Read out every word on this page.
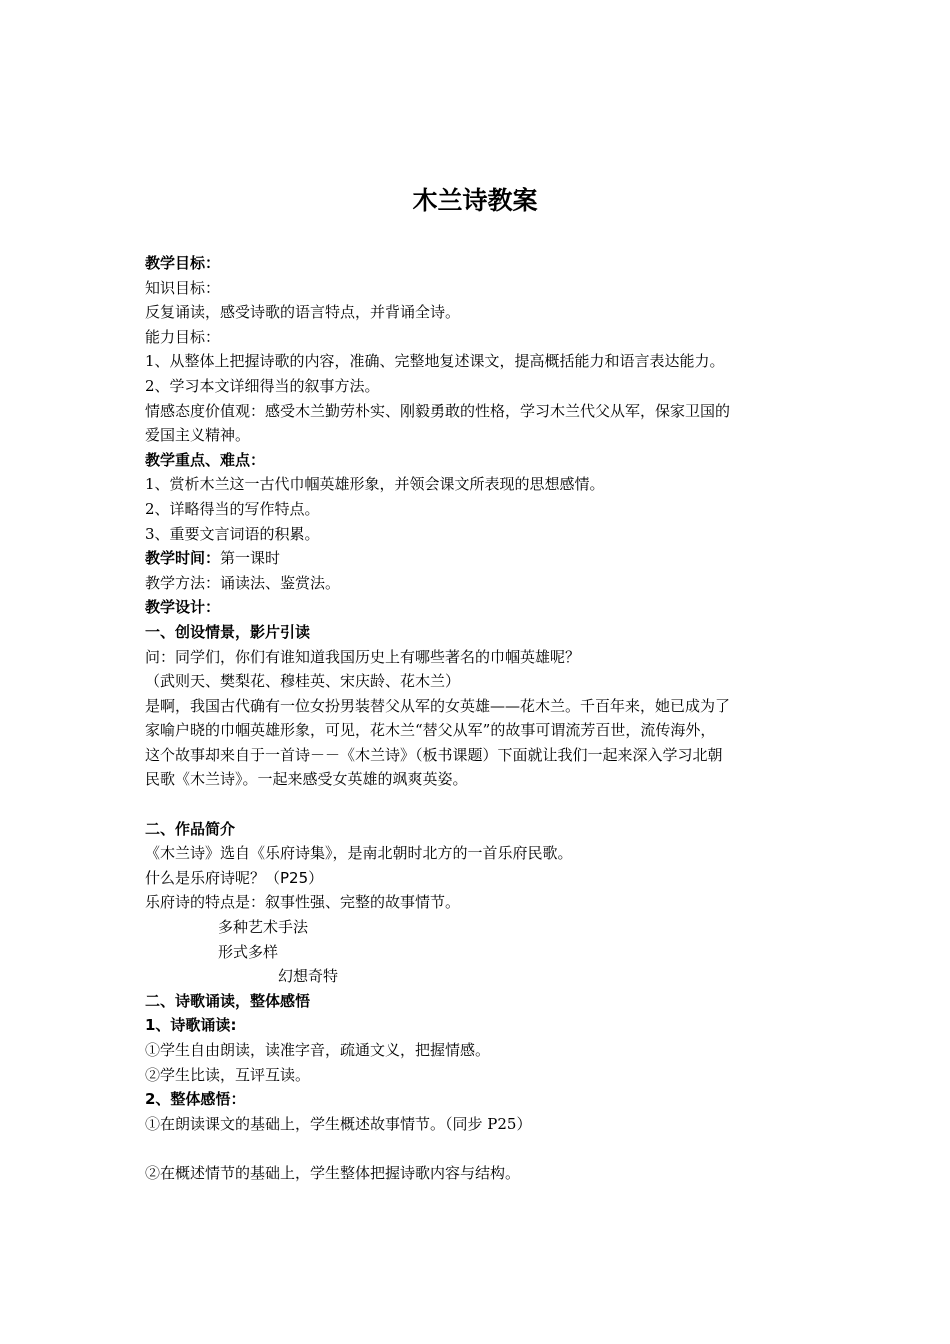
木兰诗教案
教学目标：
知识目标：
反复诵读，感受诗歌的语言特点，并背诵全诗。
能力目标：
1、从整体上把握诗歌的内容，准确、完整地复述课文，提高概括能力和语言表达能力。
2、学习本文详细得当的叙事方法。
情感态度价值观：感受木兰勤劳朴实、刚毅勇敢的性格，学习木兰代父从军，保家卫国的
爱国主义精神。
教学重点、难点：
1、赏析木兰这一古代巾帼英雄形象，并领会课文所表现的思想感情。
2、详略得当的写作特点。
3、重要文言词语的积累。
教学时间：第一课时
教学方法：诵读法、鉴赏法。
教学设计：
一、创设情景，影片引读
问：同学们，你们有谁知道我国历史上有哪些著名的巾帼英雄呢？
（武则天、樊梨花、穆桂英、宋庆龄、花木兰）
是啊，我国古代确有一位女扮男装替父从军的女英雄——花木兰。千百年来，她已成为了
家喻户晓的巾帼英雄形象，可见，花木兰“替父从军”的故事可谓流芳百世，流传海外，
这个故事却来自于一首诗－－《木兰诗》（板书课题）下面就让我们一起来深入学习北朝
民歌《木兰诗》。一起来感受女英雄的飒爽英姿。
二、作品简介
《木兰诗》选自《乐府诗集》，是南北朝时北方的一首乐府民歌。
什么是乐府诗呢？（P25）
乐府诗的特点是：叙事性强、完整的故事情节。
多种艺术手法
形式多样
幻想奇特
二、诗歌诵读，整体感悟
1、诗歌诵读:
①学生自由朗读，读准字音，疏通文义，把握情感。
②学生比读，互评互读。
2、整体感悟：
①在朗读课文的基础上，学生概述故事情节。（同步 P25）
②在概述情节的基础上，学生整体把握诗歌内容与结构。
